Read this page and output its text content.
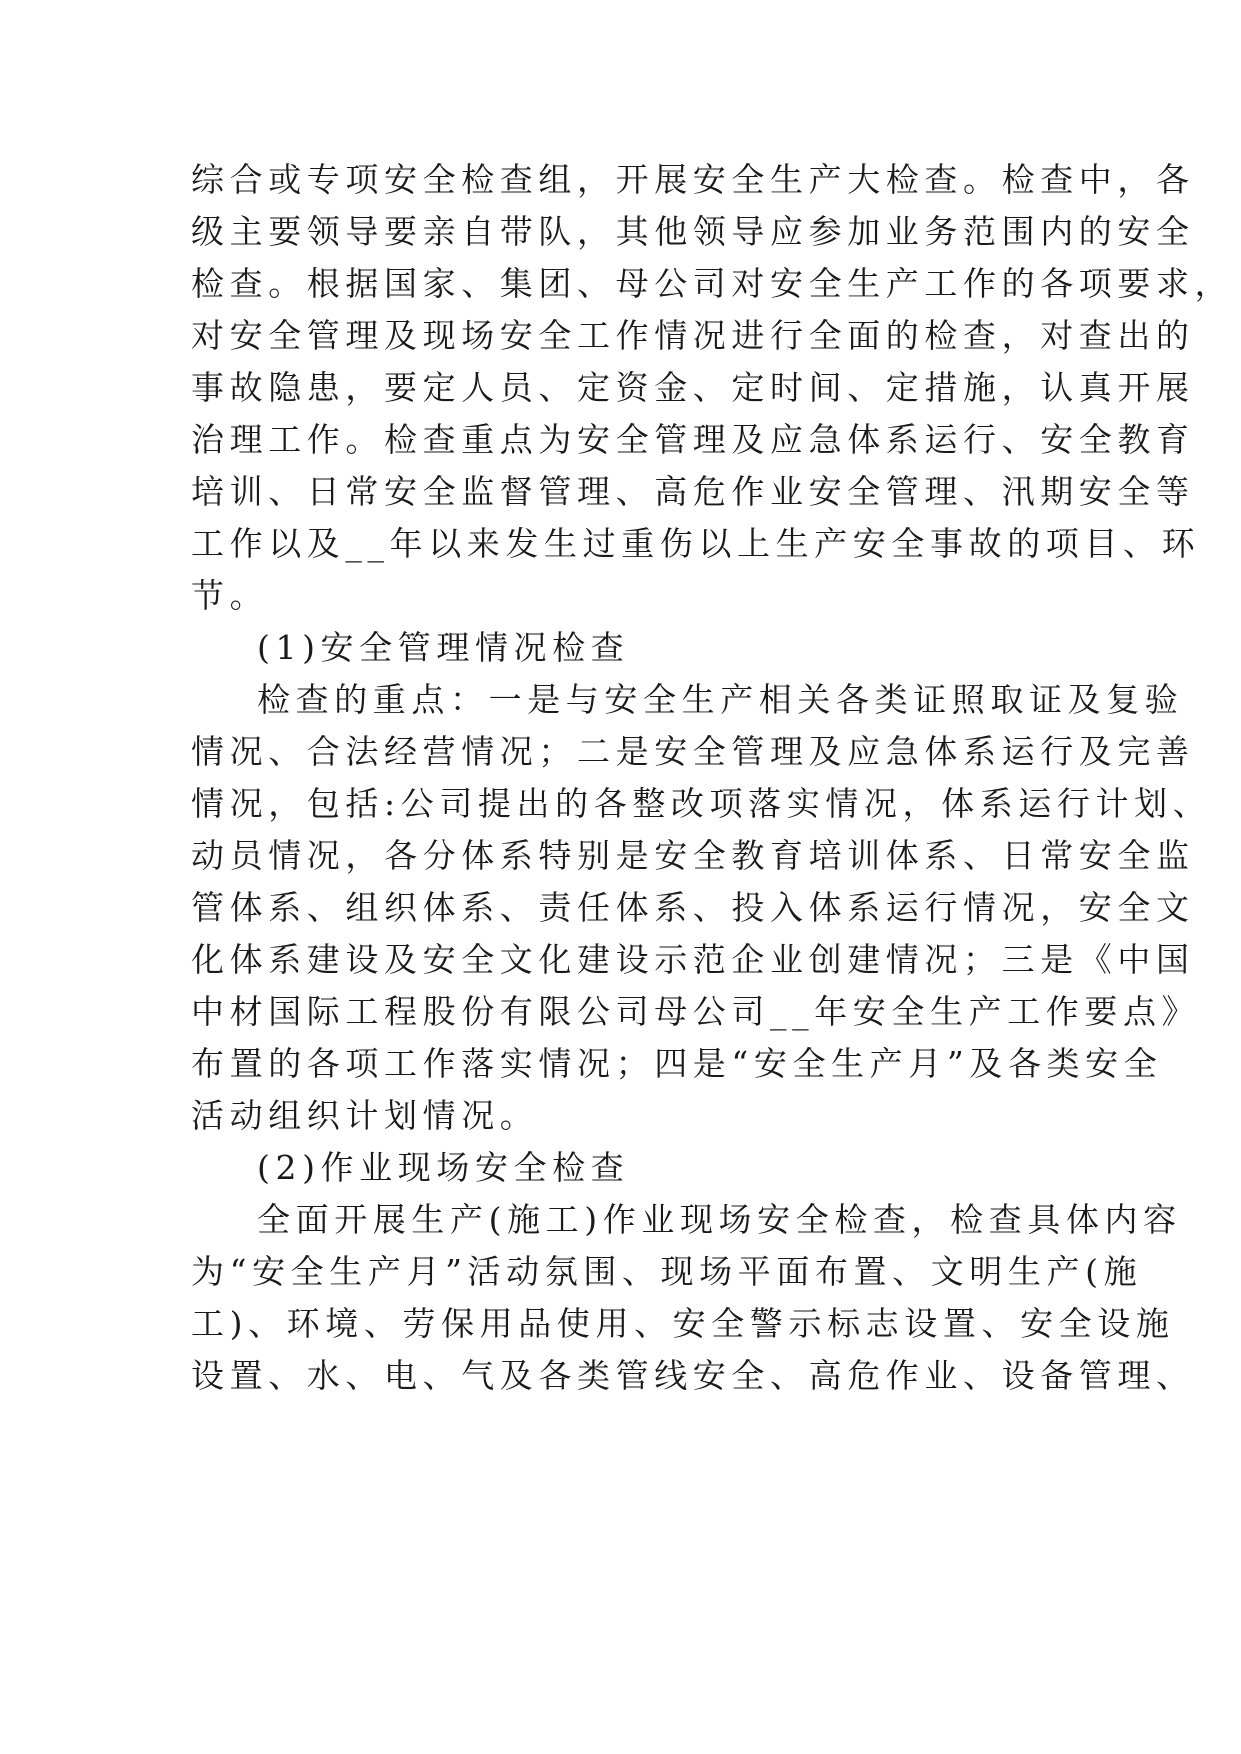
综合或专项安全检查组，开展安全生产大检查。检查中，各
级主要领导要亲自带队，其他领导应参加业务范围内的安全
检查。根据国家、集团、母公司对安全生产工作的各项要求，
对安全管理及现场安全工作情况进行全面的检查，对查出的
事故隐患，要定人员、定资金、定时间、定措施，认真开展
治理工作。检查重点为安全管理及应急体系运行、安全教育
培训、日常安全监督管理、高危作业安全管理、汛期安全等
工作以及__年以来发生过重伤以上生产安全事故的项目、环
节。
(1)安全管理情况检查
检查的重点：一是与安全生产相关各类证照取证及复验
情况、合法经营情况；二是安全管理及应急体系运行及完善
情况，包括:公司提出的各整改项落实情况，体系运行计划、
动员情况，各分体系特别是安全教育培训体系、日常安全监
管体系、组织体系、责任体系、投入体系运行情况，安全文
化体系建设及安全文化建设示范企业创建情况；三是《中国
中材国际工程股份有限公司母公司__年安全生产工作要点》
布置的各项工作落实情况；四是“安全生产月”及各类安全
活动组织计划情况。
(2)作业现场安全检查
全面开展生产(施工)作业现场安全检查，检查具体内容
为“安全生产月”活动氛围、现场平面布置、文明生产(施
工)、环境、劳保用品使用、安全警示标志设置、安全设施
设置、水、电、气及各类管线安全、高危作业、设备管理、
